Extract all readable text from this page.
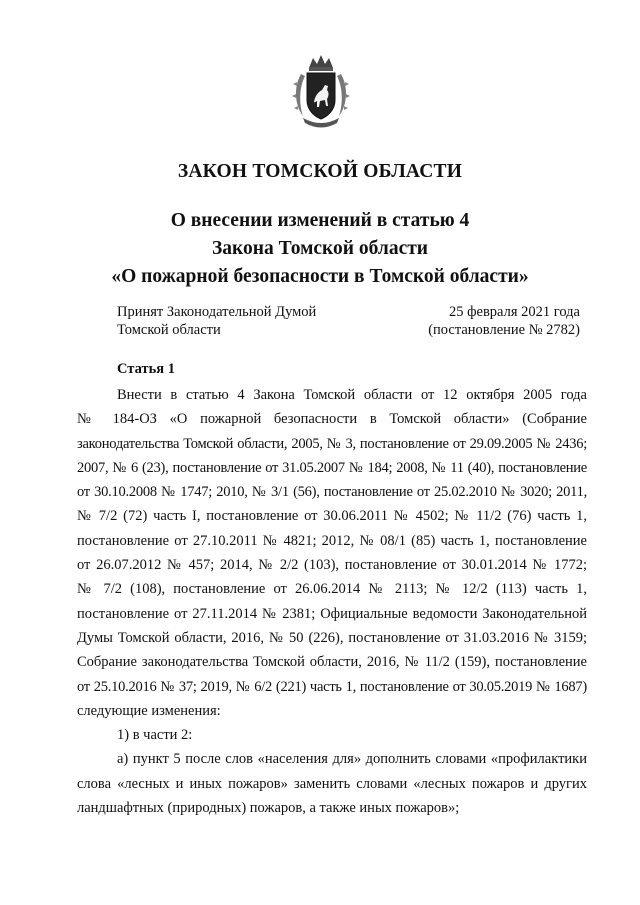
ЗАКОН ТОМСКОЙ ОБЛАСТИ
О внесении изменений в статью 4
Закона Томской области
«О пожарной безопасности в Томской области»
Принят Законодательной Думой
Томской области
25 февраля 2021 года
(постановление № 2782)
Статья 1
Внести в статью 4 Закона Томской области от 12 октября 2005 года
№ 184-ОЗ «О пожарной безопасности в Томской области» (Собрание
законодательства Томской области, 2005, № 3, постановление от 29.09.2005 № 2436;
2007, № 6 (23), постановление от 31.05.2007 № 184; 2008, № 11 (40), постановление
от 30.10.2008 № 1747; 2010, № 3/1 (56), постановление от 25.02.2010 № 3020; 2011,
№ 7/2 (72) часть I, постановление от 30.06.2011 № 4502; № 11/2 (76) часть 1,
постановление от 27.10.2011 № 4821; 2012, № 08/1 (85) часть 1, постановление
от 26.07.2012 № 457; 2014, № 2/2 (103), постановление от 30.01.2014 № 1772;
№ 7/2 (108), постановление от 26.06.2014 № 2113; № 12/2 (113) часть 1,
постановление от 27.11.2014 № 2381; Официальные ведомости Законодательной
Думы Томской области, 2016, № 50 (226), постановление от 31.03.2016 № 3159;
Собрание законодательства Томской области, 2016, № 11/2 (159), постановление
от 25.10.2016 № 37; 2019, № 6/2 (221) часть 1, постановление от 30.05.2019 № 1687)
следующие изменения:
1) в части 2:
а) пункт 5 после слов «населения для» дополнить словами «профилактики
слова «лесных и иных пожаров» заменить словами «лесных пожаров и других
ландшафтных (природных) пожаров, а также иных пожаров»;
